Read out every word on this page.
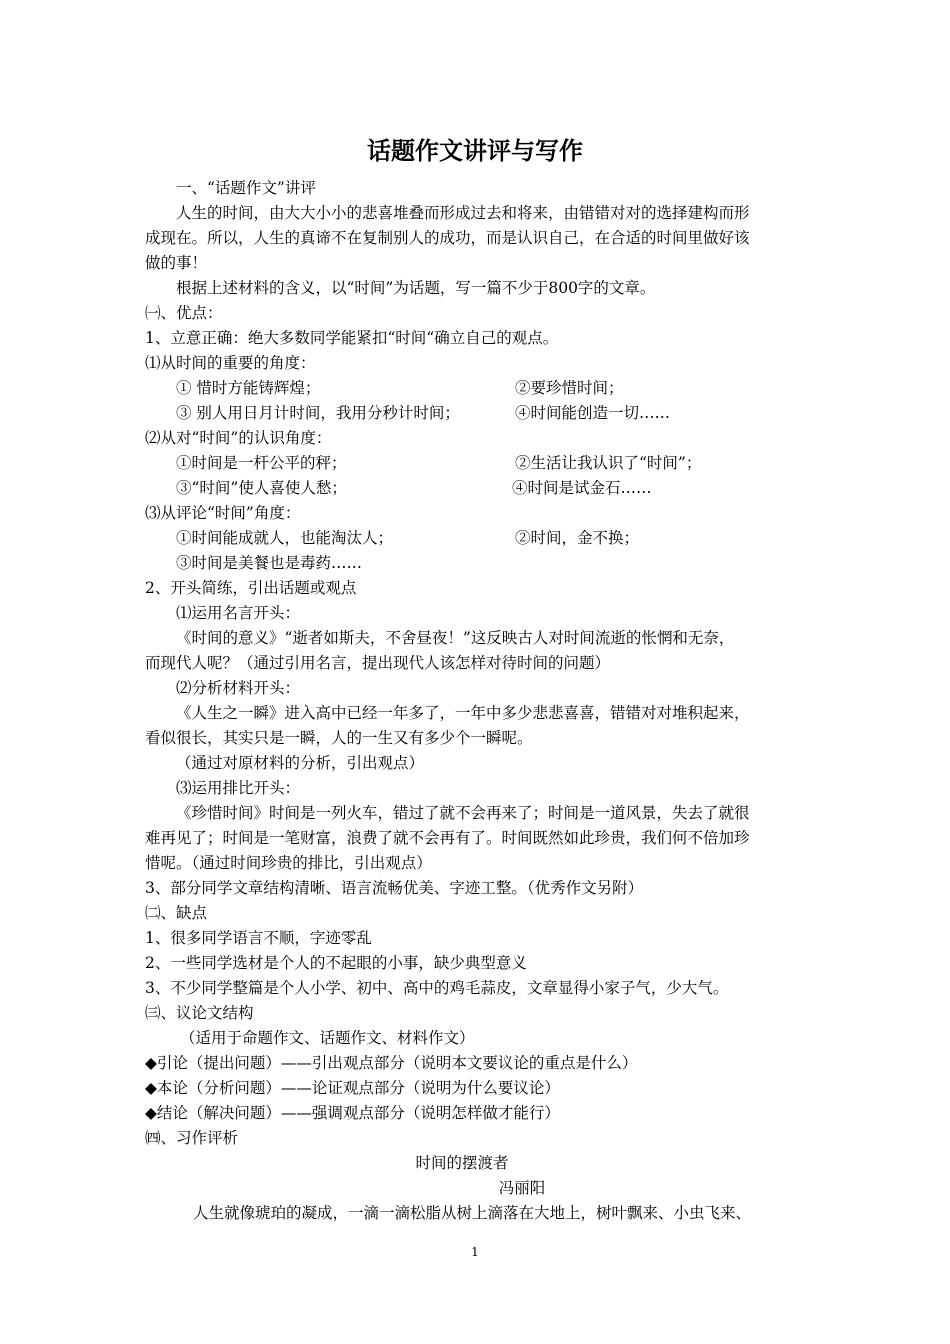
话题作文讲评与写作
一、“话题作文”讲评
人生的时间，由大大小小的悲喜堆叠而形成过去和将来，由错错对对的选择建构而形
成现在。所以，人生的真谛不在复制别人的成功，而是认识自己，在合适的时间里做好该
做的事！
根据上述材料的含义，以“时间”为话题，写一篇不少于800字的文章。
㈠、优点：
1、立意正确：绝大多数同学能紧扣“时间“确立自己的观点。
⑴从时间的重要的角度：
① 惜时方能铸辉煌；	②要珍惜时间；
③ 别人用日月计时间，我用分秒计时间；	④时间能创造一切……
⑵从对“时间”的认识角度：
①时间是一杆公平的秤；	②生活让我认识了“时间”；
③“时间”使人喜使人愁；	④时间是试金石……
⑶从评论“时间”角度：
①时间能成就人，也能淘汰人；	②时间，金不换；
③时间是美餐也是毒药……
2、开头简练，引出话题或观点
⑴运用名言开头：
《时间的意义》“逝者如斯夫，不舍昼夜！”这反映古人对时间流逝的怅惘和无奈，
而现代人呢？（通过引用名言，提出现代人该怎样对待时间的问题）
⑵分析材料开头：
《人生之一瞬》进入高中已经一年多了，一年中多少悲悲喜喜，错错对对堆积起来，
看似很长，其实只是一瞬，人的一生又有多少个一瞬呢。
（通过对原材料的分析，引出观点）
⑶运用排比开头：
《珍惜时间》时间是一列火车，错过了就不会再来了；时间是一道风景，失去了就很
难再见了；时间是一笔财富，浪费了就不会再有了。时间既然如此珍贵，我们何不倍加珍
惜呢。（通过时间珍贵的排比，引出观点）
3、部分同学文章结构清晰、语言流畅优美、字迹工整。（优秀作文另附）
㈡、缺点
1、很多同学语言不顺，字迹零乱
2、一些同学选材是个人的不起眼的小事，缺少典型意义
3、不少同学整篇是个人小学、初中、高中的鸡毛蒜皮，文章显得小家子气，少大气。
㈢、议论文结构
（适用于命题作文、话题作文、材料作文）
◆引论（提出问题）——引出观点部分（说明本文要议论的重点是什么）
◆本论（分析问题）——论证观点部分（说明为什么要议论）
◆结论（解决问题）——强调观点部分（说明怎样做才能行）
㈣、习作评析
时间的摆渡者
冯丽阳
人生就像琥珀的凝成，一滴一滴松脂从树上滴落在大地上，树叶飘来、小虫飞来、
1
